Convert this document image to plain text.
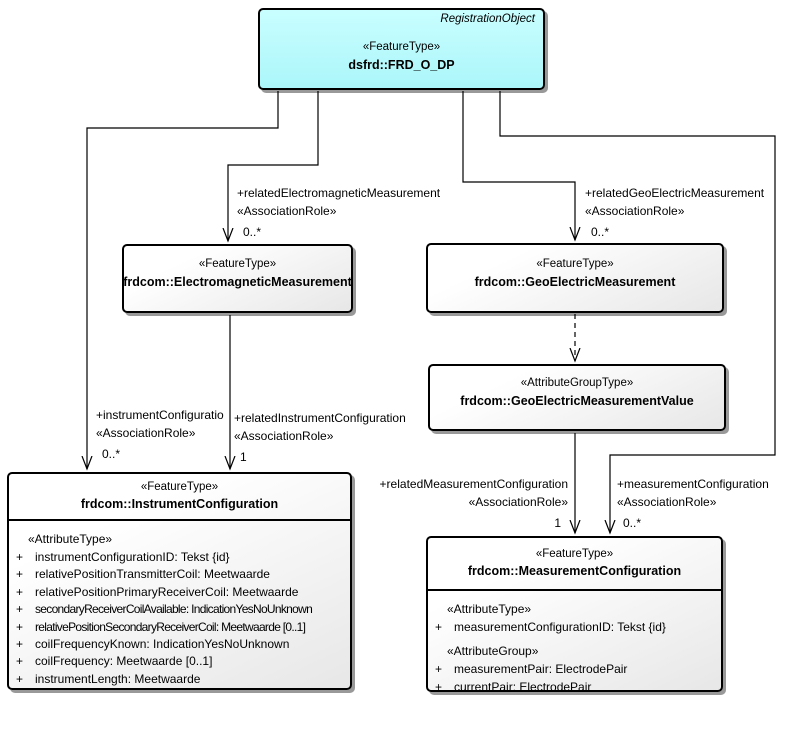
RegistrationObject
«FeatureType»
dsfrd::FRD_O_DP
«FeatureType»
frdcom::ElectromagneticMeasurement
«FeatureType»
frdcom::GeoElectricMeasurement
«AttributeGroupType»
frdcom::GeoElectricMeasurementValue
«FeatureType»
frdcom::InstrumentConfiguration
«AttributeType»
+ instrumentConfigurationID: Tekst {id}
+ relativePositionTransmitterCoil: Meetwaarde
+ relativePositionPrimaryReceiverCoil: Meetwaarde
+ secondaryReceiverCoilAvailable: IndicationYesNoUnknown
+ relativePositionSecondaryReceiverCoil: Meetwaarde [0..1]
+ coilFrequencyKnown: IndicationYesNoUnknown
+ coilFrequency: Meetwaarde [0..1]
+ instrumentLength: Meetwaarde
«FeatureType»
frdcom::MeasurementConfiguration
«AttributeType»
+ measurementConfigurationID: Tekst {id}
«AttributeGroup»
+ measurementPair: ElectrodePair
+ currentPair: ElectrodePair
+relatedElectromagneticMeasurement
«AssociationRole»
0..*
+relatedGeoElectricMeasurement
«AssociationRole»
0..*
+instrumentConfiguratio
«AssociationRole»
0..*
+relatedInstrumentConfiguration
«AssociationRole»
1
+relatedMeasurementConfiguration
«AssociationRole»
1
+measurementConfiguration
«AssociationRole»
0..*
